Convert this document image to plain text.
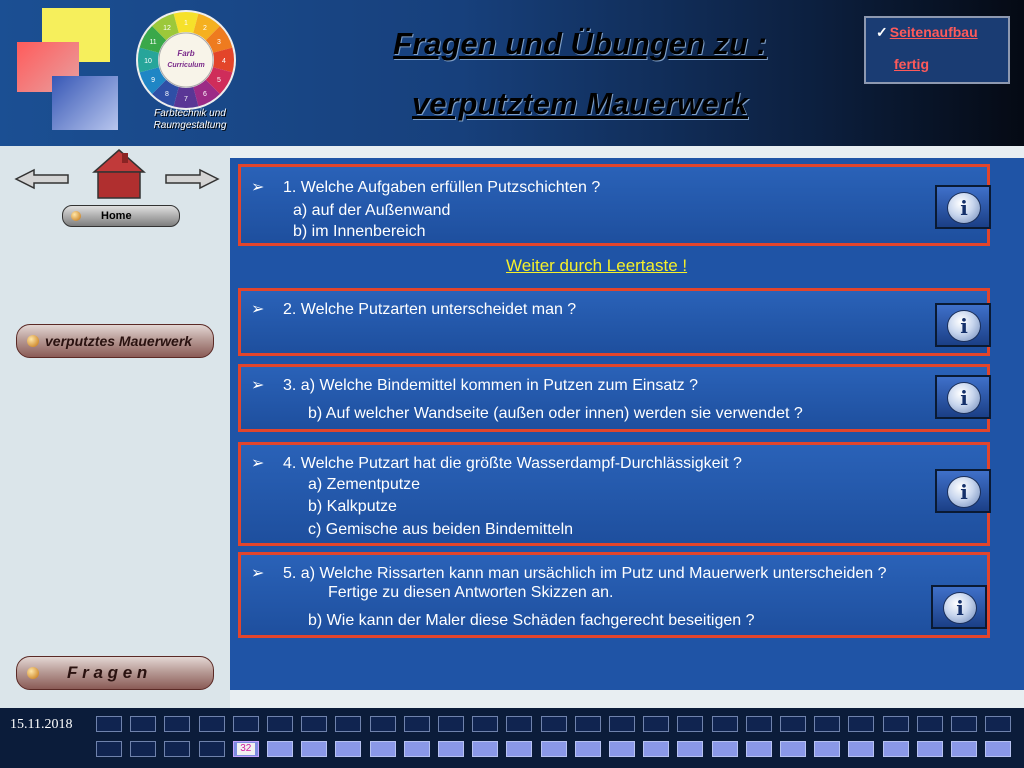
Farb
Curriculum
1
2
3
4
5
6
7
8
9
10
11
12
Farbtechnik und
Raumgestaltung
Fragen und Übungen zu :
verputztem Mauerwerk
✓ Seitenaufbau
fertig
Home
verputztes Mauerwerk
F r a g e n
➢ 1. Welche Aufgaben erfüllen Putzschichten ?
a) auf der Außenwand
b) im Innenbereich
i
Weiter durch Leertaste !
➢ 2. Welche Putzarten unterscheidet man ?
i
➢ 3. a) Welche Bindemittel kommen in Putzen zum Einsatz ?
b) Auf welcher Wandseite (außen oder innen) werden sie verwendet ?
i
➢ 4. Welche Putzart hat die größte Wasserdampf-Durchlässigkeit ?
a) Zementputze
b) Kalkputze
c) Gemische aus beiden Bindemitteln
i
➢ 5. a) Welche Rissarten kann man ursächlich im Putz und Mauerwerk unterscheiden ?
Fertige zu diesen Antworten Skizzen an.
b) Wie kann der Maler diese Schäden fachgerecht beseitigen ?
i
15.11.2018
32
